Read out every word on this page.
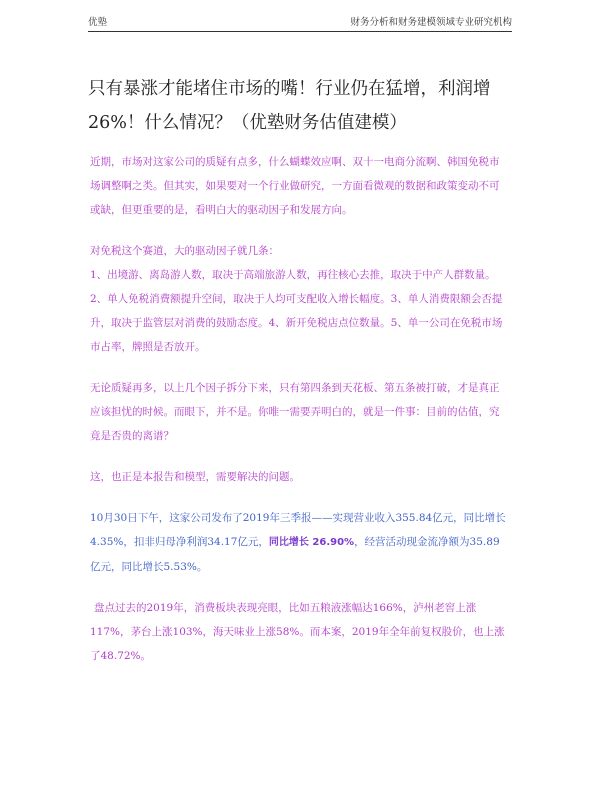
优塾	财务分析和财务建模领域专业研究机构
只有暴涨才能堵住市场的嘴！行业仍在猛增，利润增26%！什么情况？（优塾财务估值建模）

近期，市场对这家公司的质疑有点多，什么蝴蝶效应啊、双十一电商分流啊、韩国免税市场调整啊之类。但其实，如果要对一个行业做研究，一方面看微观的数据和政策变动不可或缺，但更重要的是，看明白大的驱动因子和发展方向。

对免税这个赛道，大的驱动因子就几条：

1、出境游、离岛游人数，取决于高端旅游人数，再往核心去推，取决于中产人群数量。2、单人免税消费额提升空间，取决于人均可支配收入增长幅度。3、单人消费限额会否提升，取决于监管层对消费的鼓励态度。4、新开免税店点位数量。5、单一公司在免税市场市占率，牌照是否放开。

无论质疑再多，以上几个因子拆分下来，只有第四条到天花板、第五条被打破，才是真正应该担忧的时候。而眼下，并不是。你唯一需要弄明白的，就是一件事：目前的估值，究竟是否贵的离谱？

这，也正是本报告和模型，需要解决的问题。

10月30日下午，这家公司发布了2019年三季报——实现营业收入355.84亿元，同比增长4.35%，扣非归母净利润34.17亿元，同比增长 26.90%，经营活动现金流净额为35.89亿元，同比增长5.53%。

盘点过去的2019年，消费板块表现亮眼，比如五粮液涨幅达166%，泸州老窖上涨117%，茅台上涨103%，海天味业上涨58%。而本案，2019年全年前复权股价，也上涨了48.72%。
